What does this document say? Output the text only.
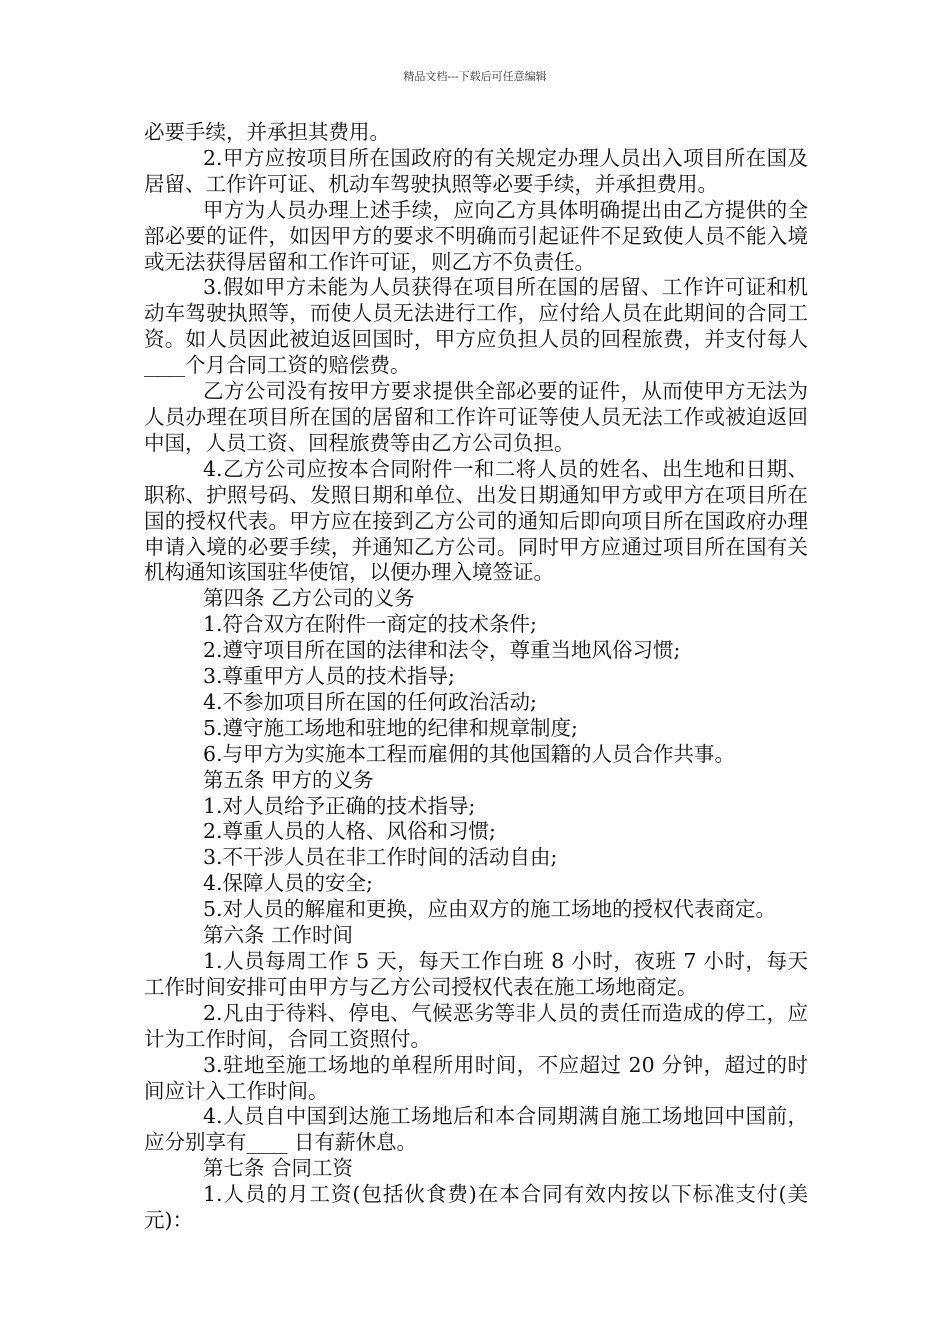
精品文档---下载后可任意编辑

必要手续，并承担其费用。

2.甲方应按项目所在国政府的有关规定办理人员出入项目所在国及居留、工作许可证、机动车驾驶执照等必要手续，并承担费用。

甲方为人员办理上述手续，应向乙方具体明确提出由乙方提供的全部必要的证件，如因甲方的要求不明确而引起证件不足致使人员不能入境或无法获得居留和工作许可证，则乙方不负责任。

3.假如甲方未能为人员获得在项目所在国的居留、工作许可证和机动车驾驶执照等，而使人员无法进行工作，应付给人员在此期间的合同工资。如人员因此被迫返回国时，甲方应负担人员的回程旅费，并支付每人____个月合同工资的赔偿费。

乙方公司没有按甲方要求提供全部必要的证件，从而使甲方无法为人员办理在项目所在国的居留和工作许可证等使人员无法工作或被迫返回中国，人员工资、回程旅费等由乙方公司负担。

4.乙方公司应按本合同附件一和二将人员的姓名、出生地和日期、职称、护照号码、发照日期和单位、出发日期通知甲方或甲方在项目所在国的授权代表。甲方应在接到乙方公司的通知后即向项目所在国政府办理申请入境的必要手续，并通知乙方公司。同时甲方应通过项目所在国有关机构通知该国驻华使馆，以便办理入境签证。

第四条 乙方公司的义务

1.符合双方在附件一商定的技术条件;

2.遵守项目所在国的法律和法令，尊重当地风俗习惯;

3.尊重甲方人员的技术指导;

4.不参加项目所在国的任何政治活动;

5.遵守施工场地和驻地的纪律和规章制度;

6.与甲方为实施本工程而雇佣的其他国籍的人员合作共事。

第五条 甲方的义务

1.对人员给予正确的技术指导;

2.尊重人员的人格、风俗和习惯;

3.不干涉人员在非工作时间的活动自由;

4.保障人员的安全;

5.对人员的解雇和更换，应由双方的施工场地的授权代表商定。

第六条 工作时间

1.人员每周工作 5 天，每天工作白班 8 小时，夜班 7 小时，每天工作时间安排可由甲方与乙方公司授权代表在施工场地商定。

2.凡由于待料、停电、气候恶劣等非人员的责任而造成的停工，应计为工作时间，合同工资照付。

3.驻地至施工场地的单程所用时间，不应超过 20 分钟，超过的时间应计入工作时间。

4.人员自中国到达施工场地后和本合同期满自施工场地回中国前，应分别享有____ 日有薪休息。

第七条 合同工资

1.人员的月工资(包括伙食费)在本合同有效内按以下标准支付(美元)：
